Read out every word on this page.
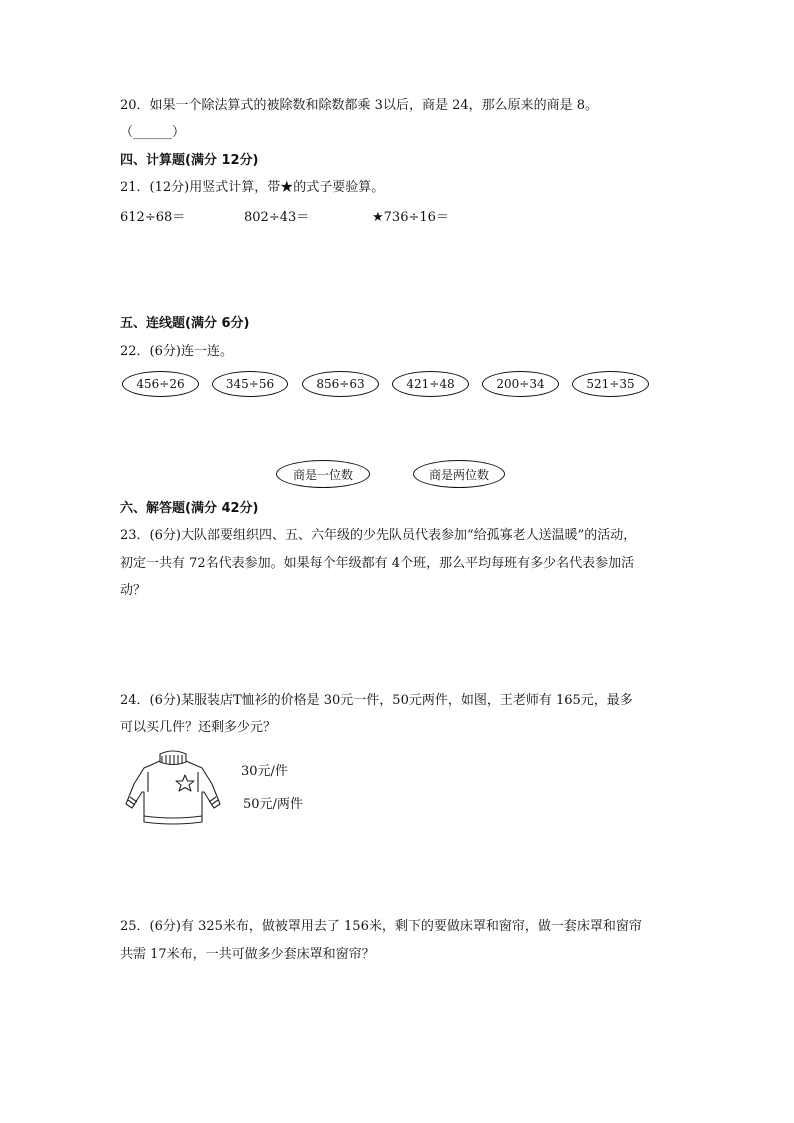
20．如果一个除法算式的被除数和除数都乘 3以后，商是 24，那么原来的商是 8。
（______）
四、计算题(满分 12分)
21．(12分)用竖式计算，带★的式子要验算。
612÷68＝	802÷43＝	★736÷16＝
五、连线题(满分 6分)
22．(6分)连一连。
456÷26	345÷56	856÷63	421÷48	200÷34	521÷35
商是一位数	商是两位数
六、解答题(满分 42分)
23．(6分)大队部要组织四、五、六年级的少先队员代表参加“给孤寡老人送温暖”的活动，
初定一共有 72名代表参加。如果每个年级都有 4个班，那么平均每班有多少名代表参加活
动？
24．(6分)某服装店T恤衫的价格是 30元一件，50元两件，如图，王老师有 165元，最多
可以买几件？还剩多少元？
30元/件
50元/两件
25．(6分)有 325米布，做被罩用去了 156米，剩下的要做床罩和窗帘，做一套床罩和窗帘
共需 17米布，一共可做多少套床罩和窗帘？
